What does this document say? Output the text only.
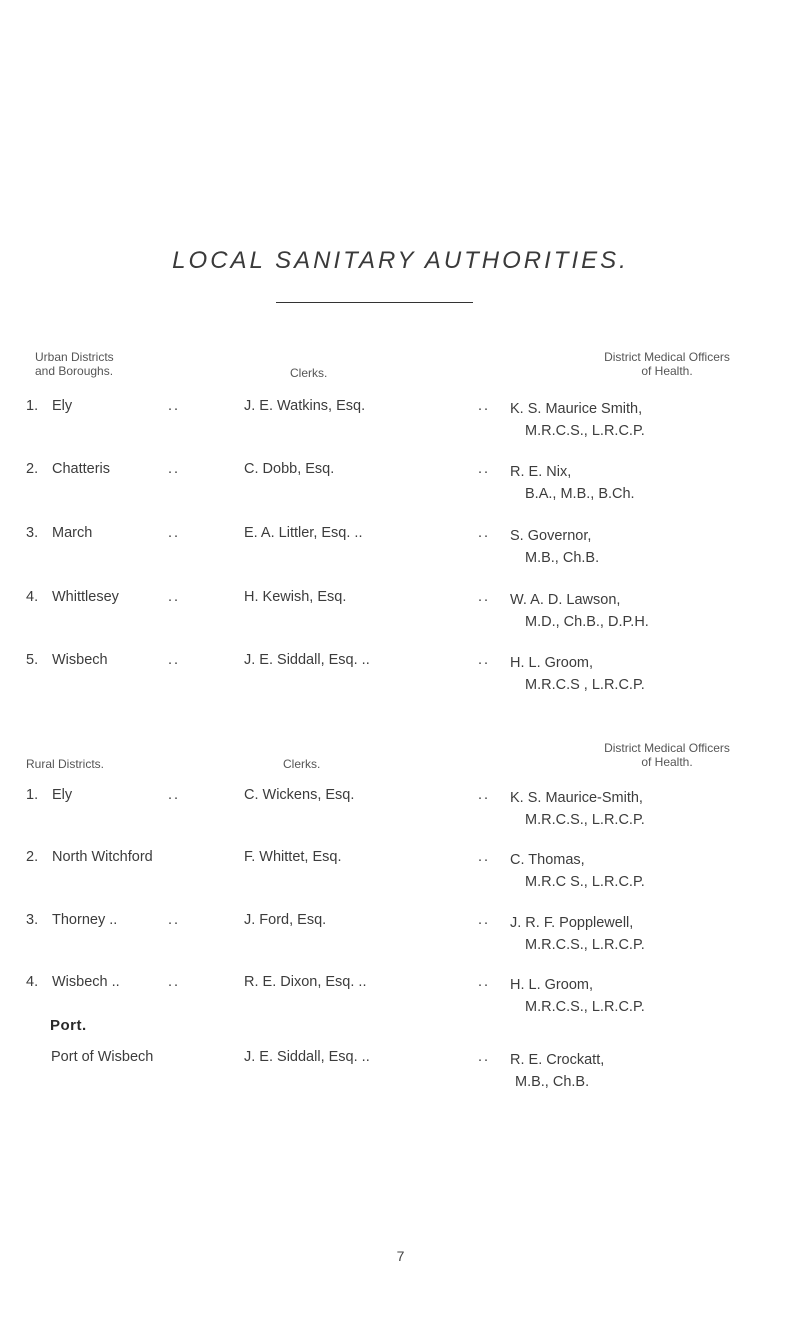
LOCAL SANITARY AUTHORITIES.
Urban Districts
and Boroughs.	Clerks.
District Medical Officers
of Health.
1. Ely	..	J. E. Watkins, Esq.	..	K. S. Maurice Smith,
M.R.C.S., L.R.C.P.
2. Chatteris	..	C. Dobb, Esq.	..	R. E. Nix,
B.A., M.B., B.Ch.
3. March	..	E. A. Littler, Esq. ..	..	S. Governor,
M.B., Ch.B.
4. Whittlesey	..	H. Kewish, Esq.	..	W. A. D. Lawson,
M.D., Ch.B., D.P.H.
5. Wisbech	..	J. E. Siddall, Esq. ..	..	H. L. Groom,
M.R.C.S , L.R.C.P.
Rural Districts.	Clerks.
District Medical Officers
of Health.
1. Ely	..	C. Wickens, Esq.	..	K. S. Maurice-Smith,
M.R.C.S., L.R.C.P.
2. North Witchford	F. Whittet, Esq.	..	C. Thomas,
M.R.C S., L.R.C.P.
3. Thorney ..	..	J. Ford, Esq.	..	J. R. F. Popplewell,
M.R.C.S., L.R.C.P.
4. Wisbech ..	..	R. E. Dixon, Esq. ..	..	H. L. Groom,
M.R.C.S., L.R.C.P.
Port.
Port of Wisbech	J. E. Siddall, Esq. ..	..	R. E. Crockatt,
M.B., Ch.B.
7
